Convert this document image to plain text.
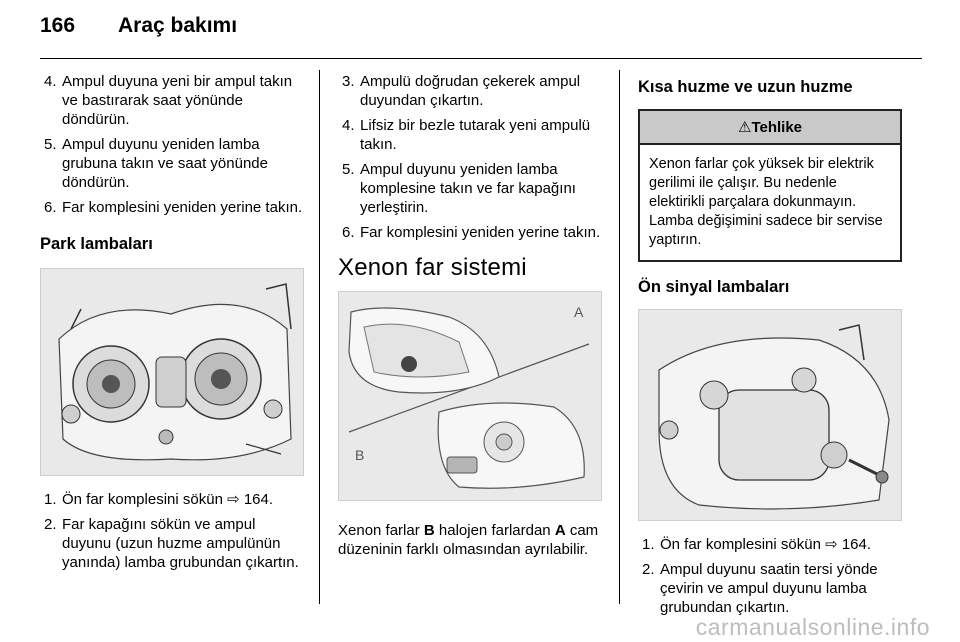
166 Araç bakımı
4. Ampul duyuna yeni bir ampul takın ve bastırarak saat yönünde döndürün.
5. Ampul duyunu yeniden lamba grubuna takın ve saat yönünde döndürün.
6. Far komplesini yeniden yerine takın.
Park lambaları
1. Ön far komplesini sökün ⇨ 164.
2. Far kapağını sökün ve ampul duyunu (uzun huzme ampulünün yanında) lamba grubundan çıkartın.
3. Ampulü doğrudan çekerek ampul duyundan çıkartın.
4. Lifsiz bir bezle tutarak yeni ampulü takın.
5. Ampul duyunu yeniden lamba komplesine takın ve far kapağını yerleştirin.
6. Far komplesini yeniden yerine takın.
Xenon far sistemi
A
B

Xenon farlar B halojen farlardan A cam düzeninin farklı olmasından ayrılabilir.

Kısa huzme ve uzun huzme
⚠Tehlike
Xenon farlar çok yüksek bir elektrik gerilimi ile çalışır. Bu nedenle elektirikli parçalara dokunmayın. Lamba değişimini sadece bir servise yaptırın.
Ön sinyal lambaları
1. Ön far komplesini sökün ⇨ 164.
2. Ampul duyunu saatin tersi yönde çevirin ve ampul duyunu lamba grubundan çıkartın.
carmanualsonline.info
